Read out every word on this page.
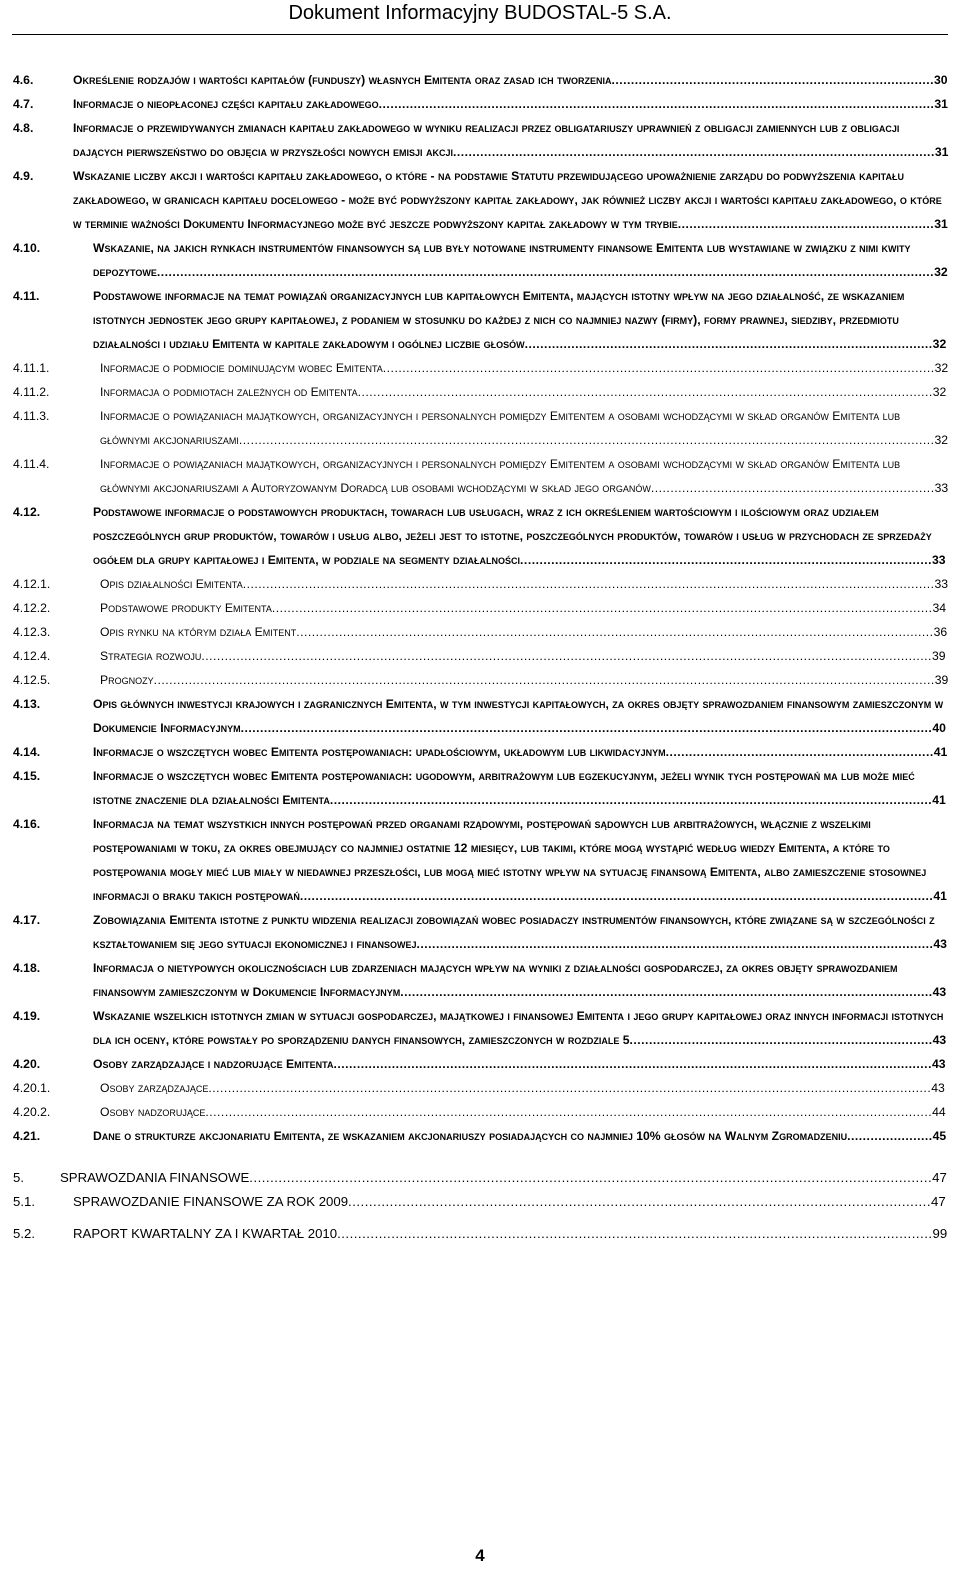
Dokument Informacyjny BUDOSTAL-5 S.A.
4.6.	Określenie rodzajów i wartości kapitałów (funduszy) własnych Emitenta oraz zasad ich tworzenia...................................................................................30
4.7.	Informacje o nieopłaconej części kapitału zakładowego...............................................................................................................................................31
4.8.	Informacje o przewidywanych zmianach kapitału zakładowego w wyniku realizacji przez obligatariuszy uprawnień z obligacji zamiennych lub z obligacji dających pierwszeństwo do objęcia w przyszłości nowych emisji akcji............................................................................................................................31
4.9.	Wskazanie liczby akcji i wartości kapitału zakładowego, o które - na podstawie Statutu przewidującego upoważnienie zarządu do podwyższenia kapitału zakładowego, w granicach kapitału docelowego - może być podwyższony kapitał zakładowy, jak również liczby akcji i wartości kapitału zakładowego, o które w terminie ważności Dokumentu Informacyjnego może być jeszcze podwyższony kapitał zakładowy w tym trybie..................................................................31
4.10.	Wskazanie, na jakich rynkach instrumentów finansowych są lub były notowane instrumenty finansowe Emitenta lub wystawiane w związku z nimi kwity depozytowe........................................................................................................................................................................................................32
4.11.	Podstawowe informacje na temat powiązań organizacyjnych lub kapitałowych Emitenta, mających istotny wpływ na jego działalność, ze wskazaniem istotnych jednostek jego grupy kapitałowej, z podaniem w stosunku do każdej z nich co najmniej nazwy (firmy), formy prawnej, siedziby, przedmiotu działalności i udziału Emitenta w kapitale zakładowym i ogólnej liczbie głosów.........................................................................................................32
4.11.1.	Informacje o podmiocie dominującym wobec Emitenta..............................................................................................................................................32
4.11.2.	Informacja o podmiotach zależnych od Emitenta....................................................................................................................................................32
4.11.3.	Informacje o powiązaniach majątkowych, organizacyjnych i personalnych pomiędzy Emitentem a osobami wchodzącymi w skład organów Emitenta lub głównymi akcjonariuszami...................................................................................................................................................................................32
4.11.4.	Informacje o powiązaniach majątkowych, organizacyjnych i personalnych pomiędzy Emitentem a osobami wchodzącymi w skład organów Emitenta lub głównymi akcjonariuszami a Autoryzowanym Doradcą lub osobami wchodzącymi w skład jego organów.........................................................................33
4.12.	Podstawowe informacje o podstawowych produktach, towarach lub usługach, wraz z ich określeniem wartościowym i ilościowym oraz udziałem poszczególnych grup produktów, towarów i usług albo, jeżeli jest to istotne, poszczególnych produktów, towarów i usług w przychodach ze sprzedaży ogółem dla grupy kapitałowej i Emitenta, w podziale na segmenty działalności..........................................................................................................33
4.12.1.	Opis działalności Emitenta..................................................................................................................................................................................33
4.12.2.	Podstawowe produkty Emitenta..........................................................................................................................................................................34
4.12.3.	Opis rynku na którym działa Emitent....................................................................................................................................................................36
4.12.4.	Strategia rozwoju............................................................................................................................................................................................39
4.12.5.	Prognozy.........................................................................................................................................................................................................39
4.13.	Opis głównych inwestycji krajowych i zagranicznych Emitenta, w tym inwestycji kapitałowych, za okres objęty sprawozdaniem finansowym zamieszczonym w Dokumencie Informacyjnym..................................................................................................................................................................................40
4.14.	Informacje o wszczętych wobec Emitenta postępowaniach: upadłościowym, układowym lub likwidacyjnym.....................................................................41
4.15.	Informacje o wszczętych wobec Emitenta postępowaniach: ugodowym, arbitrażowym lub egzekucyjnym, jeżeli wynik tych postępowań ma lub może mieć istotne znaczenie dla działalności Emitenta...........................................................................................................................................................41
4.16.	Informacja na temat wszystkich innych postępowań przed organami rządowymi, postępowań sądowych lub arbitrażowych, włącznie z wszelkimi postępowaniami w toku, za okres obejmujący co najmniej ostatnie 12 miesięcy, lub takimi, które mogą wystąpić według wiedzy Emitenta, a które to postępowania mogły mieć lub miały w niedawnej przeszłości, lub mogą mieć istotny wpływ na sytuację finansową Emitenta, albo zamieszczenie stosownej informacji o braku takich postępowań...................................................................................................................................................................41
4.17.	Zobowiązania Emitenta istotne z punktu widzenia realizacji zobowiązań wobec posiadaczy instrumentów finansowych, które związane są w szczególności z kształtowaniem się jego sytuacji ekonomicznej i finansowej.....................................................................................................................................43
4.18.	Informacja o nietypowych okolicznościach lub zdarzeniach mających wpływ na wyniki z działalności gospodarczej, za okres objęty sprawozdaniem finansowym zamieszczonym w Dokumencie Informacyjnym.........................................................................................................................................43
4.19.	Wskazanie wszelkich istotnych zmian w sytuacji gospodarczej, majątkowej i finansowej Emitenta i jego grupy kapitałowej oraz innych informacji istotnych dla ich oceny, które powstały po sporządzeniu danych finansowych, zamieszczonych w rozdziale 5..............................................................................43
4.20.	Osoby zarządzające i nadzorujące Emitenta..........................................................................................................................................................43
4.20.1.	Osoby zarządzające..........................................................................................................................................................................................43
4.20.2.	Osoby nadzorujące...........................................................................................................................................................................................44
4.21.	Dane o strukturze akcjonariatu Emitenta, ze wskazaniem akcjonariuszy posiadających co najmniej 10% głosów na Walnym Zgromadzeniu......................45
5.	SPRAWOZDANIA FINANSOWE....................................................................................................................................................................47
5.1.	SPRAWOZDANIE FINANSOWE ZA ROK 2009............................................................................................................................................47
5.2.	RAPORT KWARTALNY ZA I KWARTAŁ 2010...............................................................................................................................................99
4
